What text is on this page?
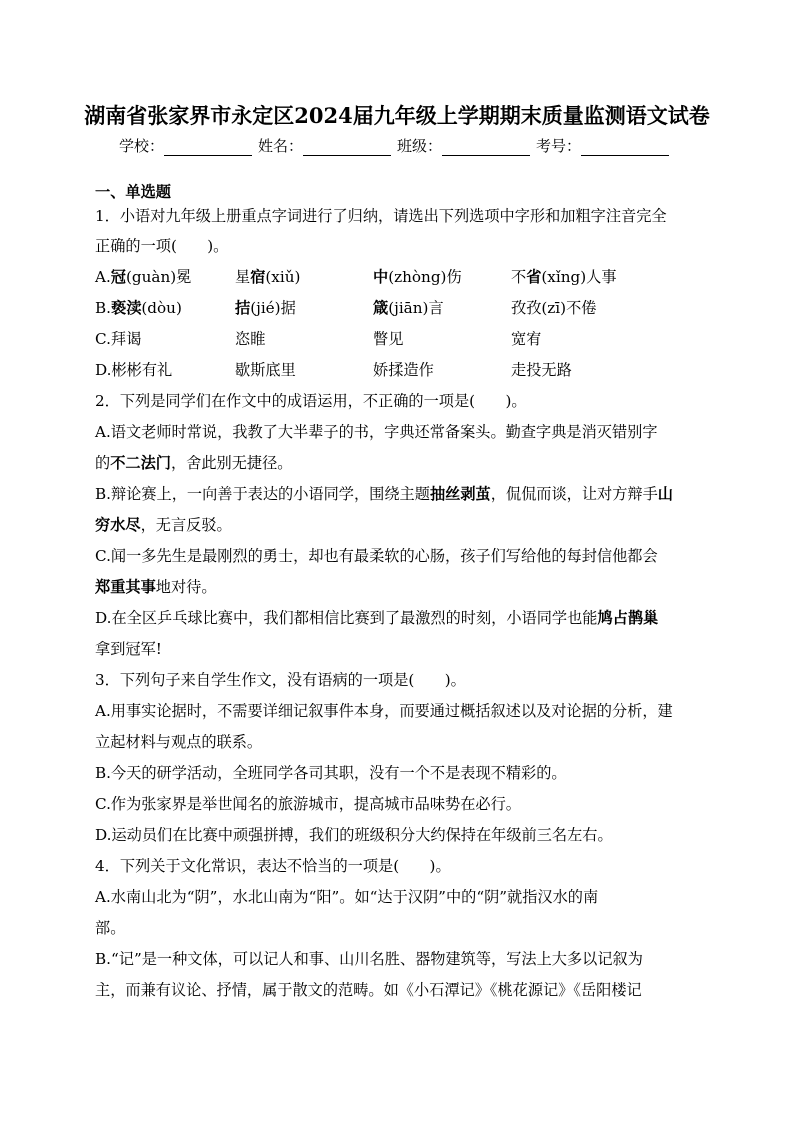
湖南省张家界市永定区2024届九年级上学期期末质量监测语文试卷
学校：	姓名：	班级：	考号：
一、单选题
1．小语对九年级上册重点字词进行了归纳，请选出下列选项中字形和加粗字注音完全
正确的一项(　　)。
A.冠(guàn)冕	星宿(xiǔ)	中(zhòng)伤	不省(xǐng)人事
B.亵渎(dòu)	拮(jié)据	箴(jiān)言	孜孜(zī)不倦
C.拜谒	恣睢	瞥见	宽宥
D.彬彬有礼	歇斯底里	娇揉造作	走投无路
2．下列是同学们在作文中的成语运用，不正确的一项是(　　)。
A.语文老师时常说，我教了大半辈子的书，字典还常备案头。勤查字典是消灭错别字
的不二法门，舍此别无捷径。
B.辩论赛上，一向善于表达的小语同学，围绕主题抽丝剥茧，侃侃而谈，让对方辩手山
穷水尽，无言反驳。
C.闻一多先生是最刚烈的勇士，却也有最柔软的心肠，孩子们写给他的每封信他都会
郑重其事地对待。
D.在全区乒乓球比赛中，我们都相信比赛到了最激烈的时刻，小语同学也能鸠占鹊巢
拿到冠军!
3．下列句子来自学生作文，没有语病的一项是(　　)。
A.用事实论据时，不需要详细记叙事件本身，而要通过概括叙述以及对论据的分析，建
立起材料与观点的联系。
B.今天的研学活动，全班同学各司其职，没有一个不是表现不精彩的。
C.作为张家界是举世闻名的旅游城市，提高城市品味势在必行。
D.运动员们在比赛中顽强拼搏，我们的班级积分大约保持在年级前三名左右。
4．下列关于文化常识，表达不恰当的一项是(　　)。
A.水南山北为“阴”，水北山南为“阳”。如“达于汉阴”中的“阴”就指汉水的南
部。
B.“记”是一种文体，可以记人和事、山川名胜、器物建筑等，写法上大多以记叙为
主，而兼有议论、抒情，属于散文的范畴。如《小石潭记》《桃花源记》《岳阳楼记
